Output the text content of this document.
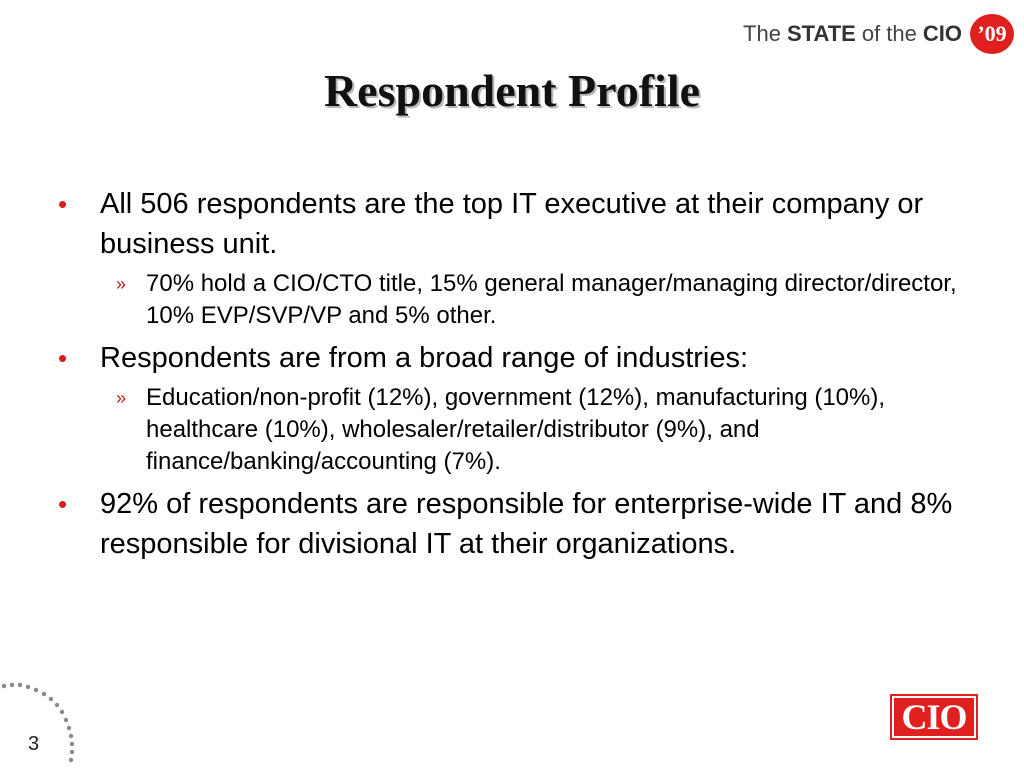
The STATE of the CIO ’09
Respondent Profile
•	All 506 respondents are the top IT executive at their company or business unit.
» 70% hold a CIO/CTO title, 15% general manager/managing director/director, 10% EVP/SVP/VP and 5% other.
•	Respondents are from a broad range of industries:
» Education/non-profit (12%), government (12%), manufacturing (10%), healthcare (10%), wholesaler/retailer/distributor (9%), and finance/banking/accounting (7%).
•	92% of respondents are responsible for enterprise-wide IT and 8% responsible for divisional IT at their organizations.
3
CIO
